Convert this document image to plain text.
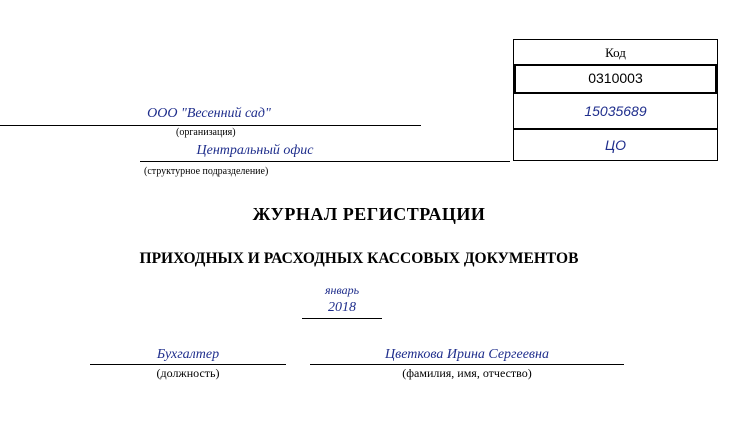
Код
0310003
15035689
ЦО
ООО "Весенний сад"
(организация)
Центральный офис
(структурное подразделение)
ЖУРНАЛ РЕГИСТРАЦИИ
ПРИХОДНЫХ И РАСХОДНЫХ КАССОВЫХ ДОКУМЕНТОВ
январь
2018
Бухгалтер
(должность)
Цветкова Ирина Сергеевна
(фамилия, имя, отчество)
